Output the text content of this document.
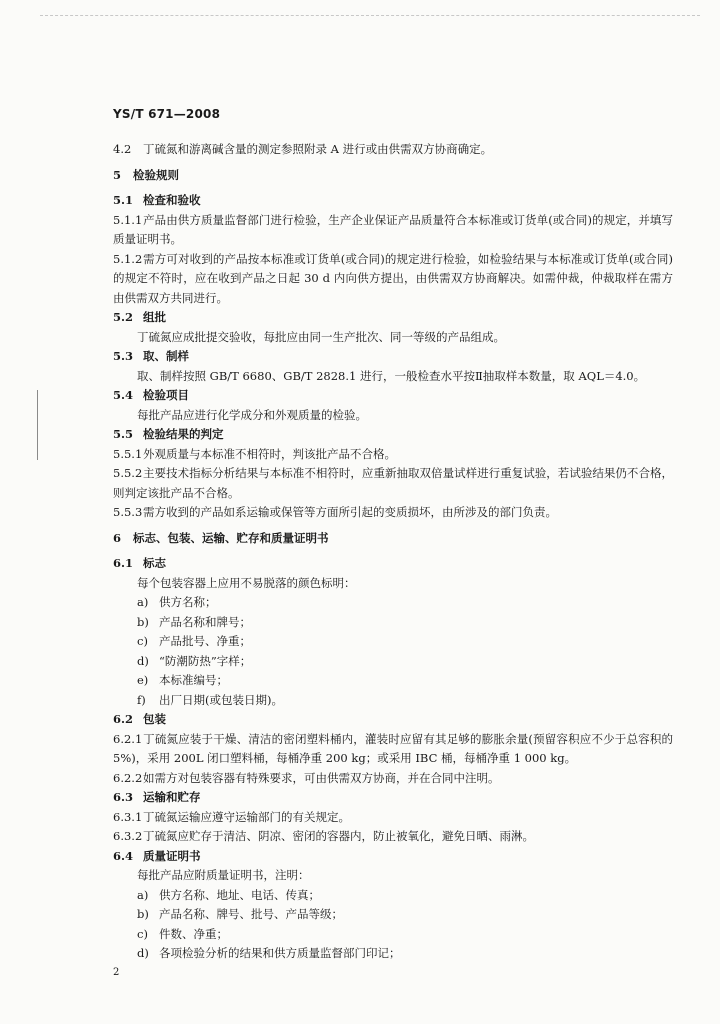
YS/T 671—2008

4.2 丁硫氮和游离碱含量的测定参照附录 A 进行或由供需双方协商确定。

5 检验规则

5.1 检查和验收

5.1.1产品由供方质量监督部门进行检验，生产企业保证产品质量符合本标准或订货单(或合同)的规定，并填写质量证明书。

5.1.2需方可对收到的产品按本标准或订货单(或合同)的规定进行检验，如检验结果与本标准或订货单(或合同)的规定不符时，应在收到产品之日起 30 d 内向供方提出，由供需双方协商解决。如需仲裁，仲裁取样在需方由供需双方共同进行。

5.2 组批

丁硫氮应成批提交验收，每批应由同一生产批次、同一等级的产品组成。

5.3 取、制样

取、制样按照 GB/T 6680、GB/T 2828.1 进行，一般检查水平按Ⅱ抽取样本数量，取 AQL＝4.0。

5.4 检验项目

每批产品应进行化学成分和外观质量的检验。

5.5 检验结果的判定

5.5.1外观质量与本标准不相符时，判该批产品不合格。

5.5.2主要技术指标分析结果与本标准不相符时，应重新抽取双倍量试样进行重复试验，若试验结果仍不合格，则判定该批产品不合格。

5.5.3需方收到的产品如系运输或保管等方面所引起的变质损坏，由所涉及的部门负责。

6 标志、包装、运输、贮存和质量证明书

6.1 标志

每个包装容器上应用不易脱落的颜色标明：

a) 供方名称；

b) 产品名称和牌号；

c) 产品批号、净重；

d) “防潮防热”字样；

e) 本标准编号；

f) 出厂日期(或包装日期)。

6.2 包装

6.2.1丁硫氮应装于干燥、清洁的密闭塑料桶内，灌装时应留有其足够的膨胀余量(预留容积应不少于总容积的 5%)，采用 200L 闭口塑料桶，每桶净重 200 kg；或采用 IBC 桶，每桶净重 1 000 kg。

6.2.2如需方对包装容器有特殊要求，可由供需双方协商，并在合同中注明。

6.3 运输和贮存

6.3.1丁硫氮运输应遵守运输部门的有关规定。

6.3.2丁硫氮应贮存于清洁、阴凉、密闭的容器内，防止被氧化，避免日晒、雨淋。

6.4 质量证明书

每批产品应附质量证明书，注明：

a) 供方名称、地址、电话、传真；

b) 产品名称、牌号、批号、产品等级；

c) 件数、净重；

d) 各项检验分析的结果和供方质量监督部门印记；

2
